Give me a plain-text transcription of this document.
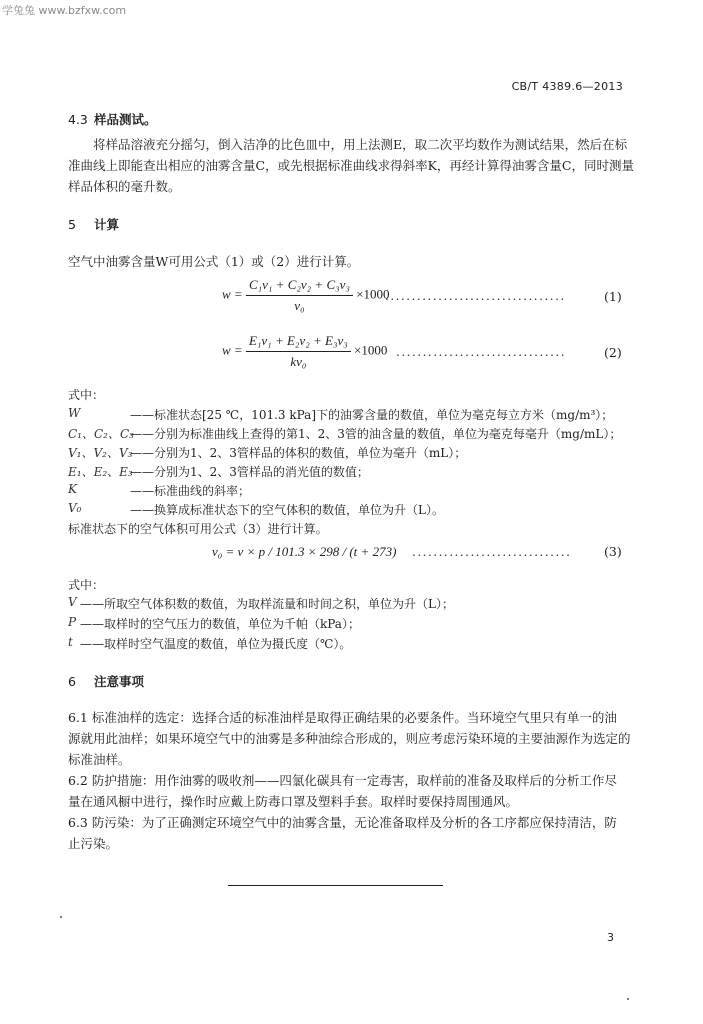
学兔兔 www.bzfxw.com
CB/T 4389.6—2013
4.3 样品测试。
将样品溶液充分摇匀，倒入洁净的比色皿中，用上法测E，取二次平均数作为测试结果，然后在标
准曲线上即能查出相应的油雾含量C，或先根据标准曲线求得斜率K，再经计算得油雾含量C，同时测量
样品体积的毫升数。
5 计算
空气中油雾含量W可用公式（1）或（2）进行计算。
$w = \frac{\text{C₁v₁ + C₂v₂ + C₃v₃}}{\text{v₀}} \times 1000$
..................................	(1)
$w = \frac{\text{E₁v₁ + E₂v₂ + E₃v₃}}{\text{kv₀}} \times 1000$ ................................	(2)
式中：
W	——标准状态[25 ℃，101.3 kPa]下的油雾含量的数值，单位为毫克每立方米（mg/m³）；
C₁、C₂、C₃
——分别为标准曲线上查得的第1、2、3管的油含量的数值，单位为毫克每毫升（mg/mL）；
V₁、V₂、V₃
——分别为1、2、3管样品的体积的数值，单位为毫升（mL）；
E₁、E₂、E₃
——分别为1、2、3管样品的消光值的数值；
K	——标准曲线的斜率；
V₀	——换算成标准状态下的空气体积的数值，单位为升（L）。
标准状态下的空气体积可用公式（3）进行计算。
v₀ = v × p / 101.3 × 298 / (t + 273) ..............................	(3)
式中：
V ——所取空气体积数的数值，为取样流量和时间之积，单位为升（L）；
P ——取样时的空气压力的数值，单位为千帕（kPa）；
t ——取样时空气温度的数值，单位为摄氏度（℃）。
6 注意事项
6.1 标准油样的选定：选择合适的标准油样是取得正确结果的必要条件。当环境空气里只有单一的油
源就用此油样；如果环境空气中的油雾是多种油综合形成的，则应考虑污染环境的主要油源作为选定的
标准油样。
6.2 防护措施：用作油雾的吸收剂——四氯化碳具有一定毒害，取样前的准备及取样后的分析工作尽
量在通风橱中进行，操作时应戴上防毒口罩及塑料手套。取样时要保持周围通风。
6.3 防污染：为了正确测定环境空气中的油雾含量，无论准备取样及分析的各工序都应保持清洁，防
止污染。
3
